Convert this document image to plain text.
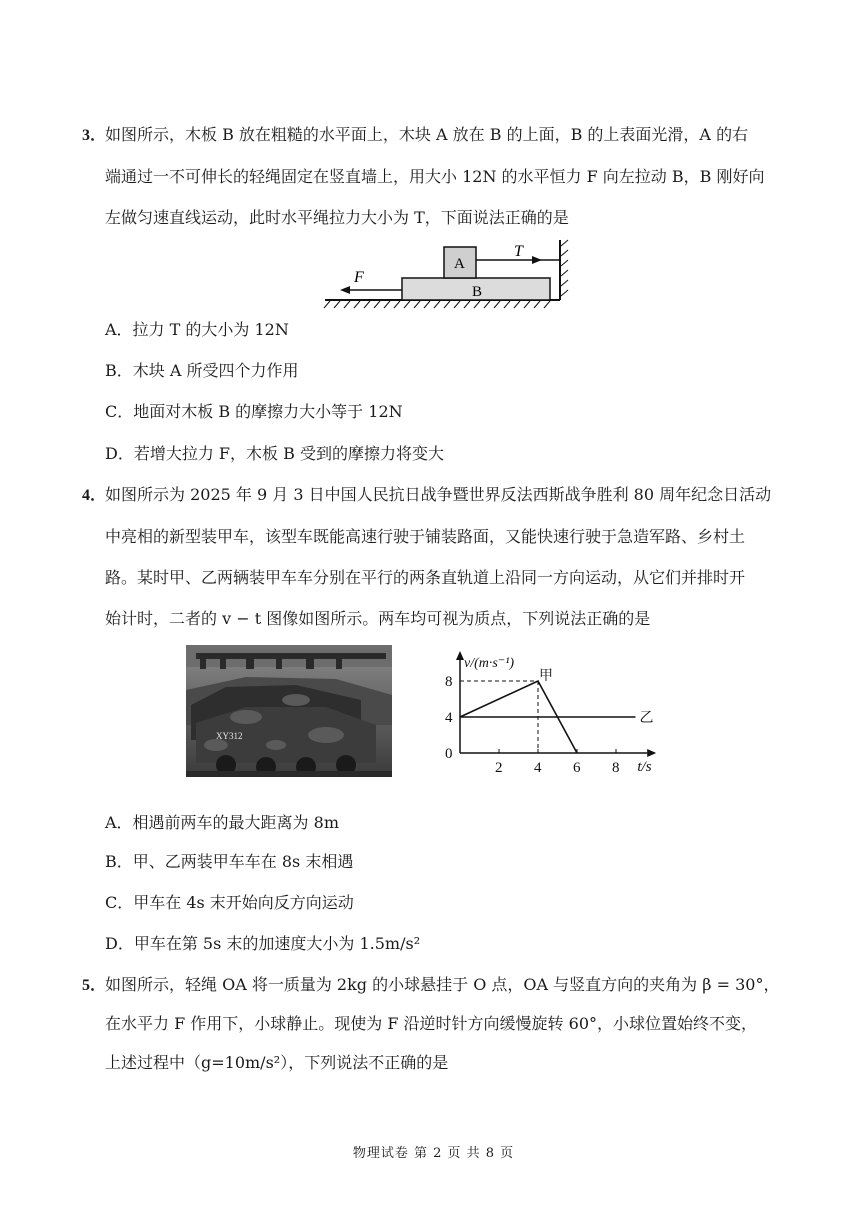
3．
如图所示，木板 B 放在粗糙的水平面上，木块 A 放在 B 的上面，B 的上表面光滑，A 的右
端通过一不可伸长的轻绳固定在竖直墙上，用大小 12N 的水平恒力 F 向左拉动 B，B 刚好向
左做匀速直线运动，此时水平绳拉力大小为 T，下面说法正确的是
B
A
T
F
A．拉力 T 的大小为 12N
B．木块 A 所受四个力作用
C．地面对木板 B 的摩擦力大小等于 12N
D．若增大拉力 F，木板 B 受到的摩擦力将变大
4．
如图所示为 2025 年 9 月 3 日中国人民抗日战争暨世界反法西斯战争胜利 80 周年纪念日活动
中亮相的新型装甲车，该型车既能高速行驶于铺装路面，又能快速行驶于急造军路、乡村土
路。某时甲、乙两辆装甲车车分别在平行的两条直轨道上沿同一方向运动，从它们并排时开
始计时，二者的 v − t 图像如图所示。两车均可视为质点，下列说法正确的是
XY312
2 4 6 8
0
4
8
v/(m·s⁻¹)
t/s
甲
乙
A．相遇前两车的最大距离为 8m
B．甲、乙两装甲车车在 8s 末相遇
C．甲车在 4s 末开始向反方向运动
D．甲车在第 5s 末的加速度大小为 1.5m/s²
5．
如图所示，轻绳 OA 将一质量为 2kg 的小球悬挂于 O 点，OA 与竖直方向的夹角为 β = 30°，
在水平力 F 作用下，小球静止。现使为 F 沿逆时针方向缓慢旋转 60°，小球位置始终不变，
上述过程中（g=10m/s²），下列说法不正确的是
物理试卷 第 2 页 共 8 页
